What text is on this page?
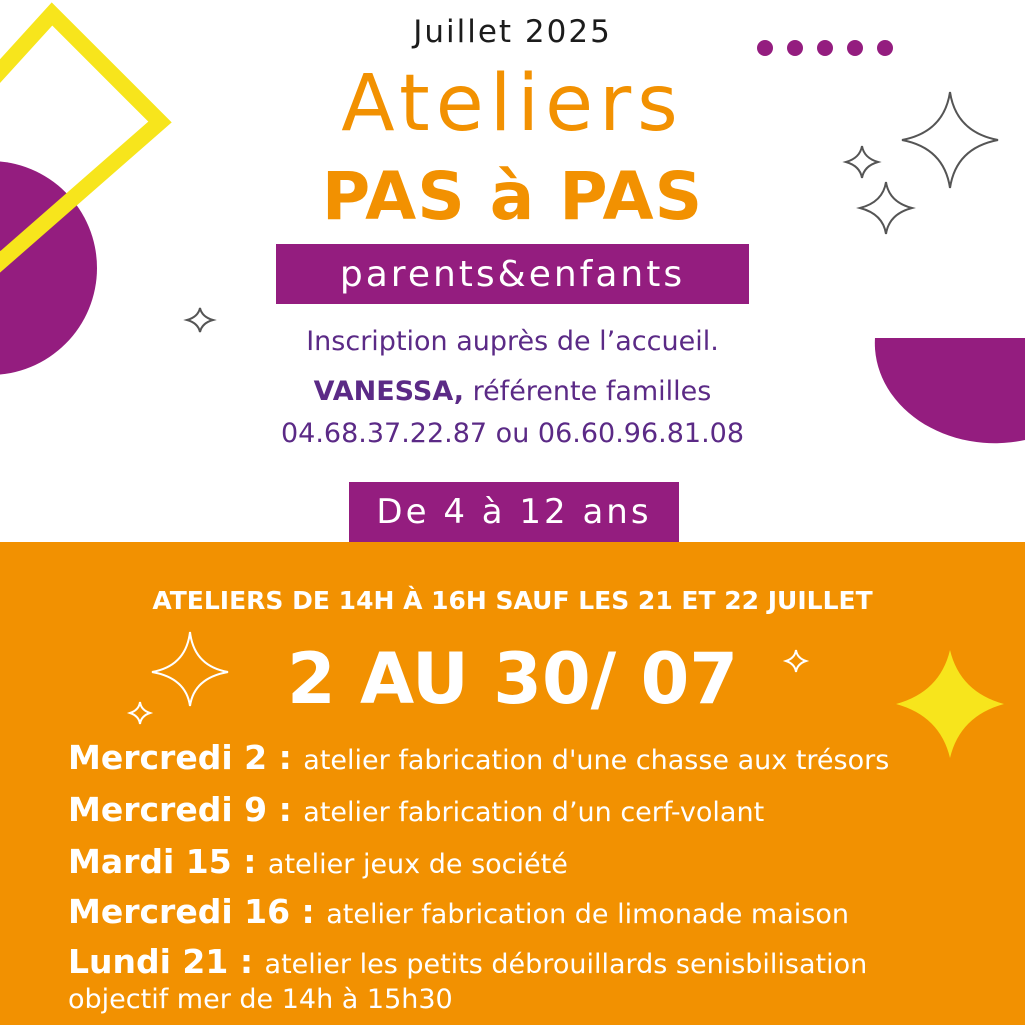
Juillet 2025
Ateliers
PAS à PAS
parents&enfants
Inscription auprès de l’accueil.
VANESSA, référente familles
04.68.37.22.87 ou 06.60.96.81.08
ATELIERS DE 14H À 16H SAUF LES 21 ET 22 JUILLET
2 AU 30/ 07
Mercredi 2 : atelier fabrication d'une chasse aux trésors
Mercredi 9 : atelier fabrication d’un cerf-volant
Mardi 15 : atelier jeux de société
Mercredi 16 : atelier fabrication de limonade maison
Lundi 21 : atelier les petits débrouillards senisbilisation
objectif mer de 14h à 15h30
De 4 à 12 ans
